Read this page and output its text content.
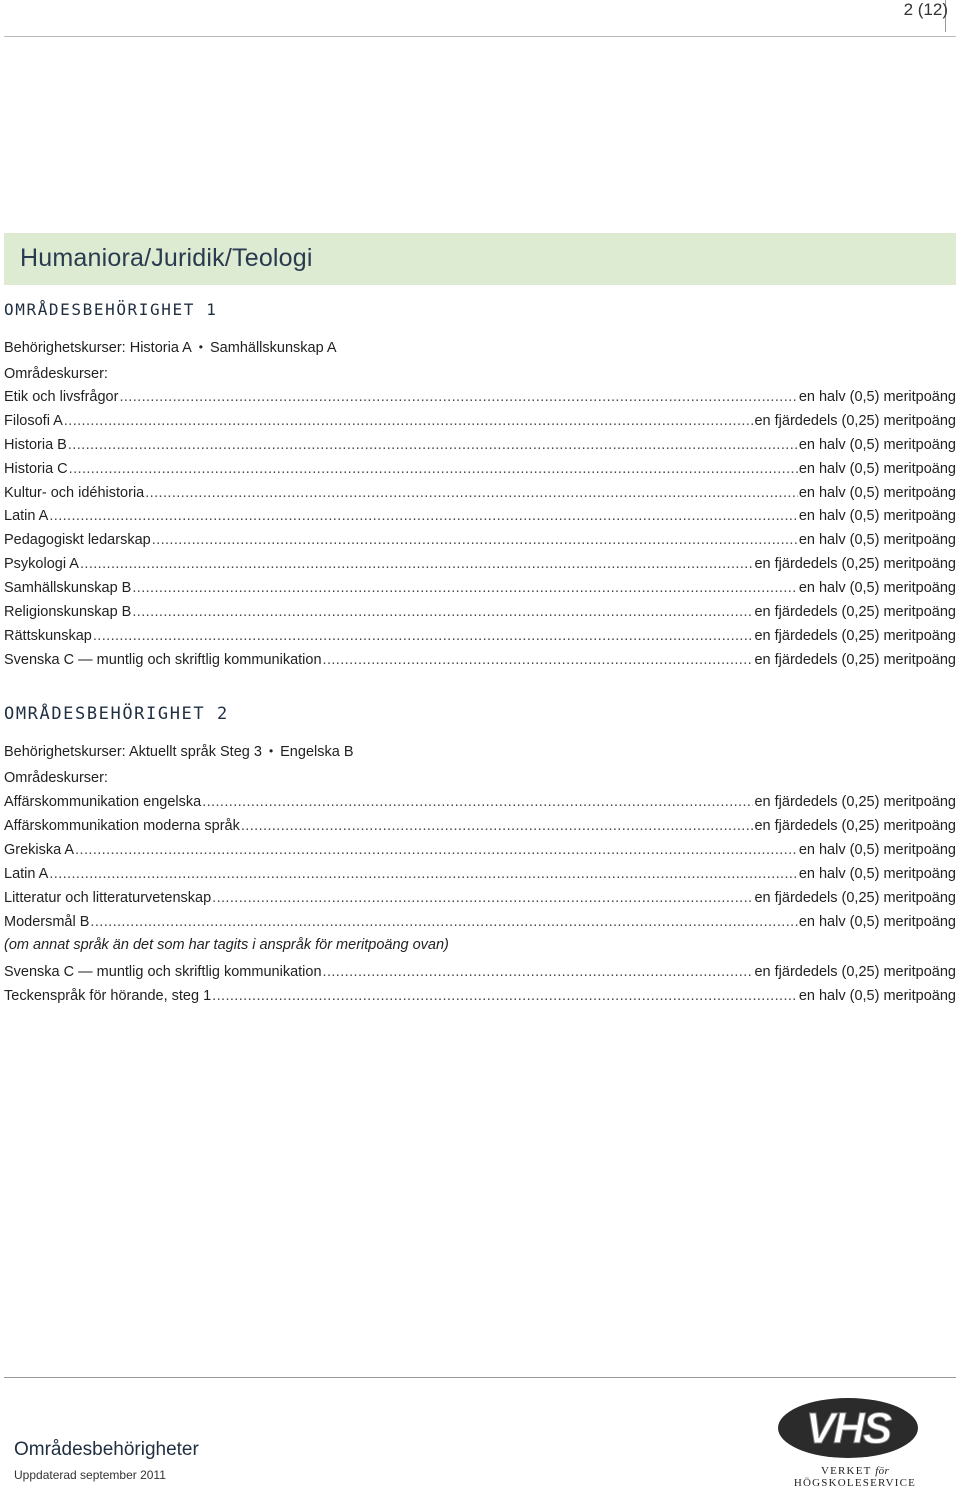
2 (12)
Humaniora/Juridik/Teologi
OMRÅDESBEHÖRIGHET 1
Behörighetskurser: Historia A • Samhällskunskap A
Områdeskurser:
Etik och livsfrågor .....	en halv (0,5) meritpoäng
Filosofi A .....	en fjärdedels (0,25) meritpoäng
Historia B .....	en halv (0,5) meritpoäng
Historia C .....	en halv (0,5) meritpoäng
Kultur- och idéhistoria .....	en halv (0,5) meritpoäng
Latin A .....	en halv (0,5) meritpoäng
Pedagogiskt ledarskap .....	en halv (0,5) meritpoäng
Psykologi A .....	en fjärdedels (0,25) meritpoäng
Samhällskunskap B .....	en halv (0,5) meritpoäng
Religionskunskap B .....	en fjärdedels (0,25) meritpoäng
Rättskunskap .....	en fjärdedels (0,25) meritpoäng
Svenska C — muntlig och skriftlig kommunikation .....	en fjärdedels (0,25) meritpoäng
OMRÅDESBEHÖRIGHET 2
Behörighetskurser: Aktuellt språk Steg 3 • Engelska B
Områdeskurser:
Affärskommunikation engelska .....	en fjärdedels (0,25) meritpoäng
Affärskommunikation moderna språk .....	en fjärdedels (0,25) meritpoäng
Grekiska A .....	en halv (0,5) meritpoäng
Latin A .....	en halv (0,5) meritpoäng
Litteratur och litteraturvetenskap .....	en fjärdedels (0,25) meritpoäng
Modersmål B .....	en halv (0,5) meritpoäng
(om annat språk än det som har tagits i anspråk för meritpoäng ovan)
Svenska C — muntlig och skriftlig kommunikation .....	en fjärdedels (0,25) meritpoäng
Teckenspråk för hörande, steg 1 .....	en halv (0,5) meritpoäng
Områdesbehörigheter
Uppdaterad september 2011
VHS
VERKET för HÖGSKOLESERVICE
